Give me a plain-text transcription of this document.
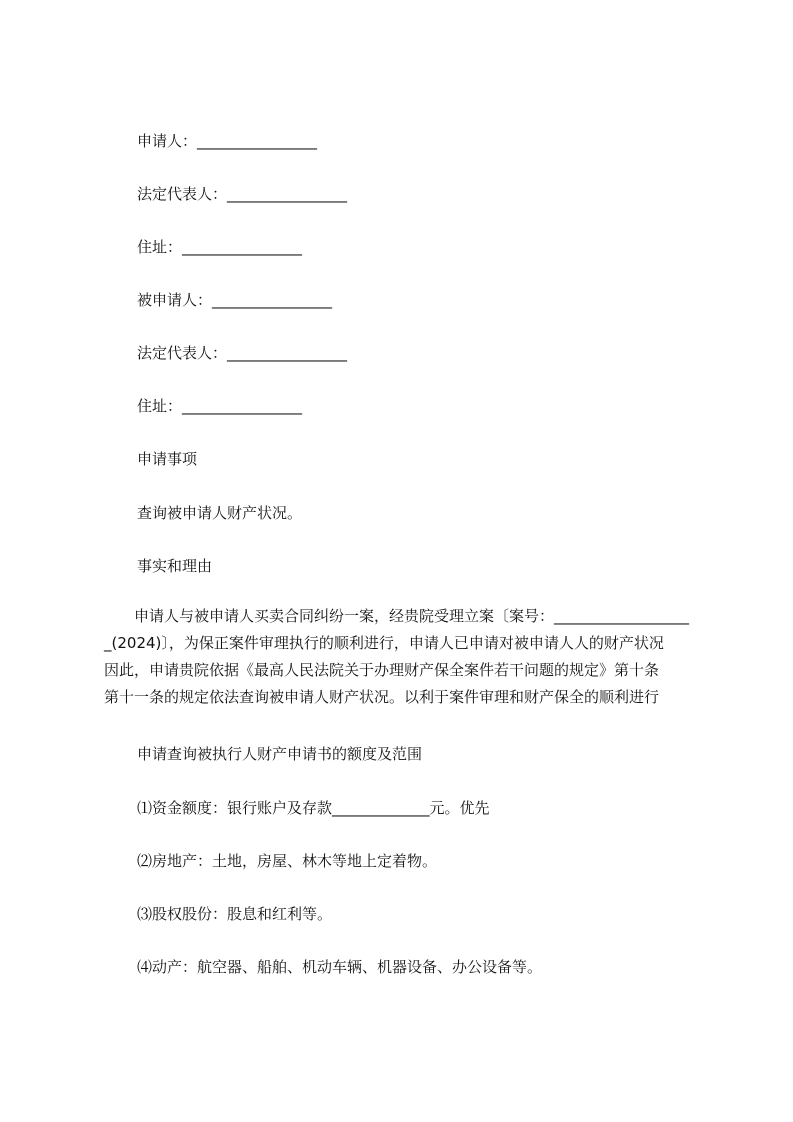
申请人：________________
法定代表人：________________
住址：________________
被申请人：________________
法定代表人：________________
住址：________________
申请事项
查询被申请人财产状况。
事实和理由
　　申请人与被申请人买卖合同纠纷一案，经贵院受理立案〔案号：__________________
_(2024)〕，为保正案件审理执行的顺利进行，申请人已申请对被申请人人的财产状况
因此，申请贵院依据《最高人民法院关于办理财产保全案件若干问题的规定》第十条
第十一条的规定依法查询被申请人财产状况。以利于案件审理和财产保全的顺利进行
申请查询被执行人财产申请书的额度及范围
⑴资金额度：银行账户及存款_____________元。优先
⑵房地产：土地，房屋、林木等地上定着物。
⑶股权股份：股息和红利等。
⑷动产：航空器、船舶、机动车辆、机器设备、办公设备等。
